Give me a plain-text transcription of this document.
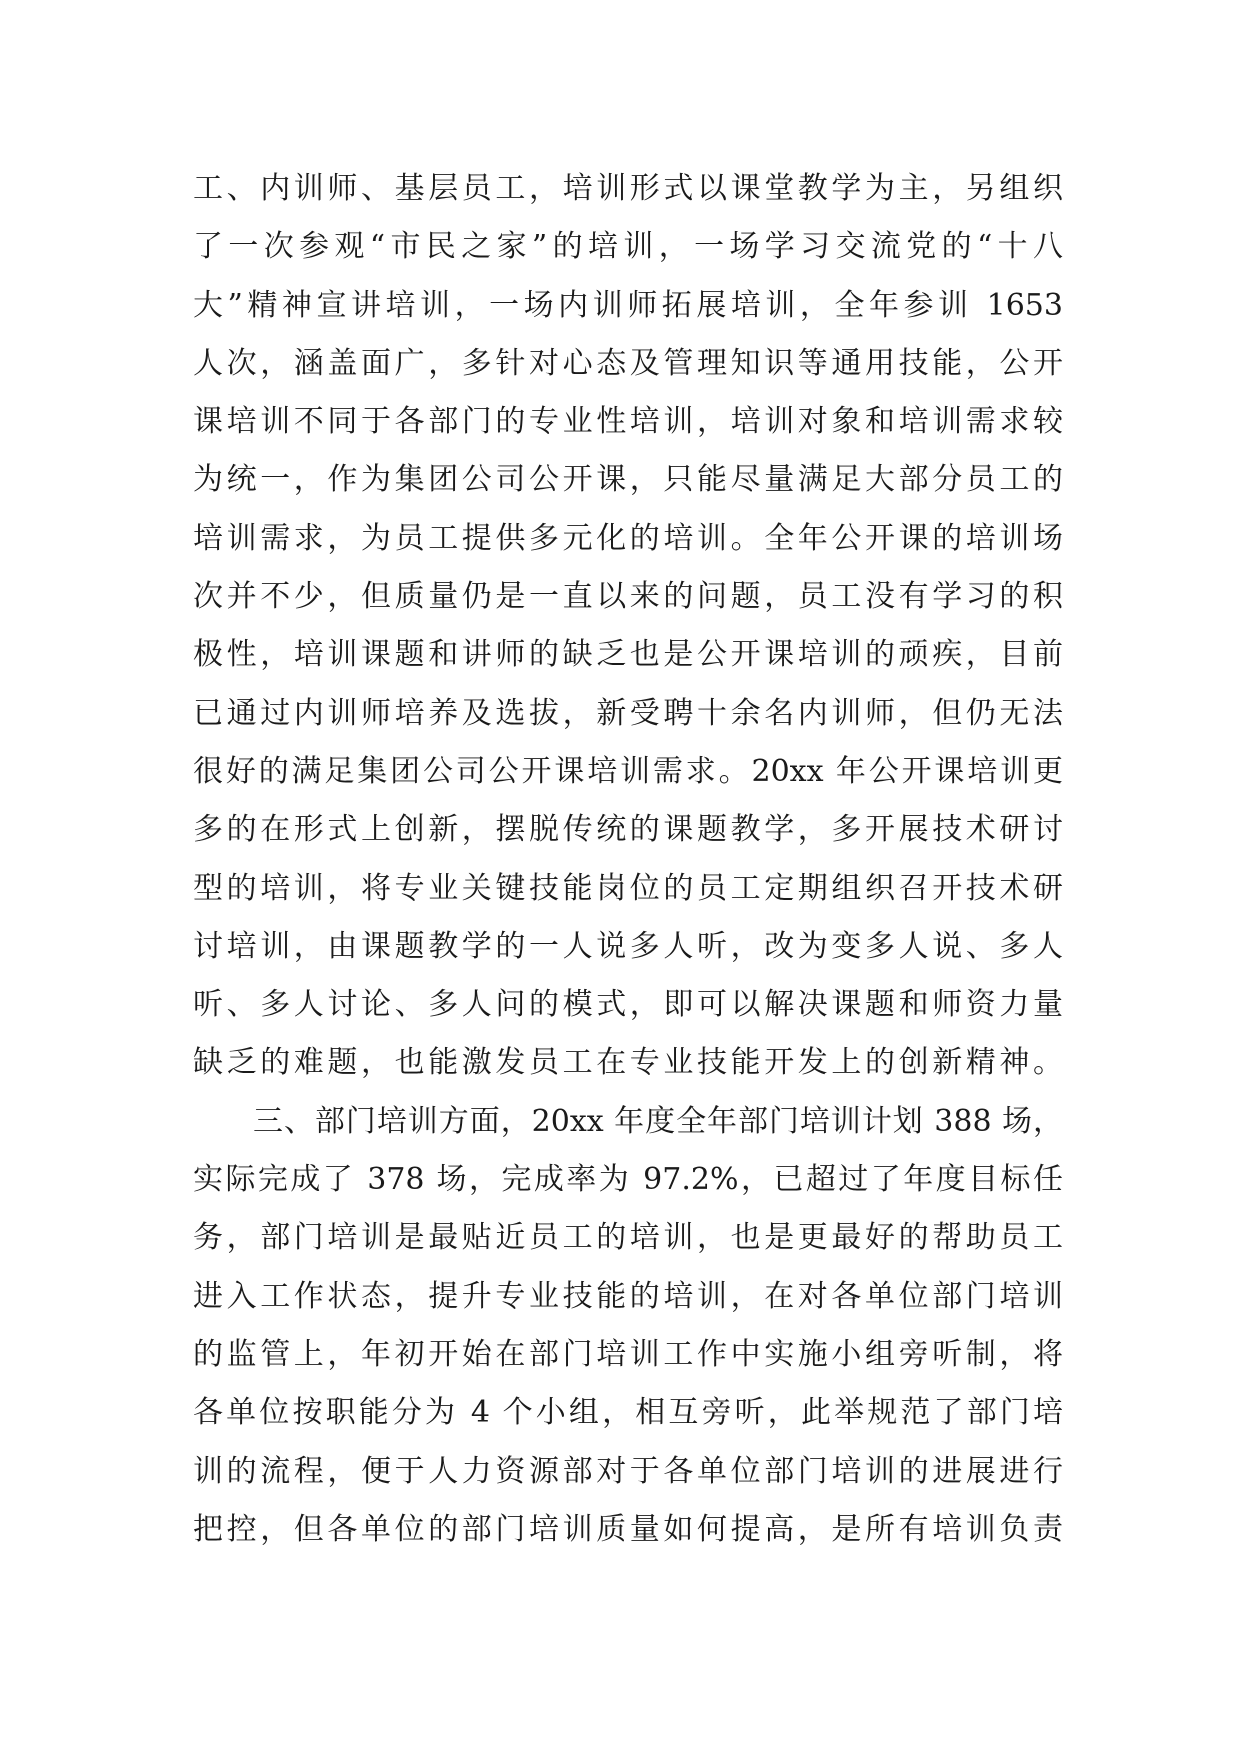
工、内训师、基层员工，培训形式以课堂教学为主，另组织
了一次参观“市民之家”的培训，一场学习交流党的“十八
大”精神宣讲培训，一场内训师拓展培训，全年参训 1653
人次，涵盖面广，多针对心态及管理知识等通用技能，公开
课培训不同于各部门的专业性培训，培训对象和培训需求较
为统一，作为集团公司公开课，只能尽量满足大部分员工的
培训需求，为员工提供多元化的培训。全年公开课的培训场
次并不少，但质量仍是一直以来的问题，员工没有学习的积
极性，培训课题和讲师的缺乏也是公开课培训的顽疾，目前
已通过内训师培养及选拔，新受聘十余名内训师，但仍无法
很好的满足集团公司公开课培训需求。20xx 年公开课培训更
多的在形式上创新，摆脱传统的课题教学，多开展技术研讨
型的培训，将专业关键技能岗位的员工定期组织召开技术研
讨培训，由课题教学的一人说多人听，改为变多人说、多人
听、多人讨论、多人问的模式，即可以解决课题和师资力量
缺乏的难题，也能激发员工在专业技能开发上的创新精神。
三、部门培训方面，20xx 年度全年部门培训计划 388 场，
实际完成了 378 场，完成率为 97.2%，已超过了年度目标任
务，部门培训是最贴近员工的培训，也是更最好的帮助员工
进入工作状态，提升专业技能的培训，在对各单位部门培训
的监管上，年初开始在部门培训工作中实施小组旁听制，将
各单位按职能分为 4 个小组，相互旁听，此举规范了部门培
训的流程，便于人力资源部对于各单位部门培训的进展进行
把控，但各单位的部门培训质量如何提高，是所有培训负责
